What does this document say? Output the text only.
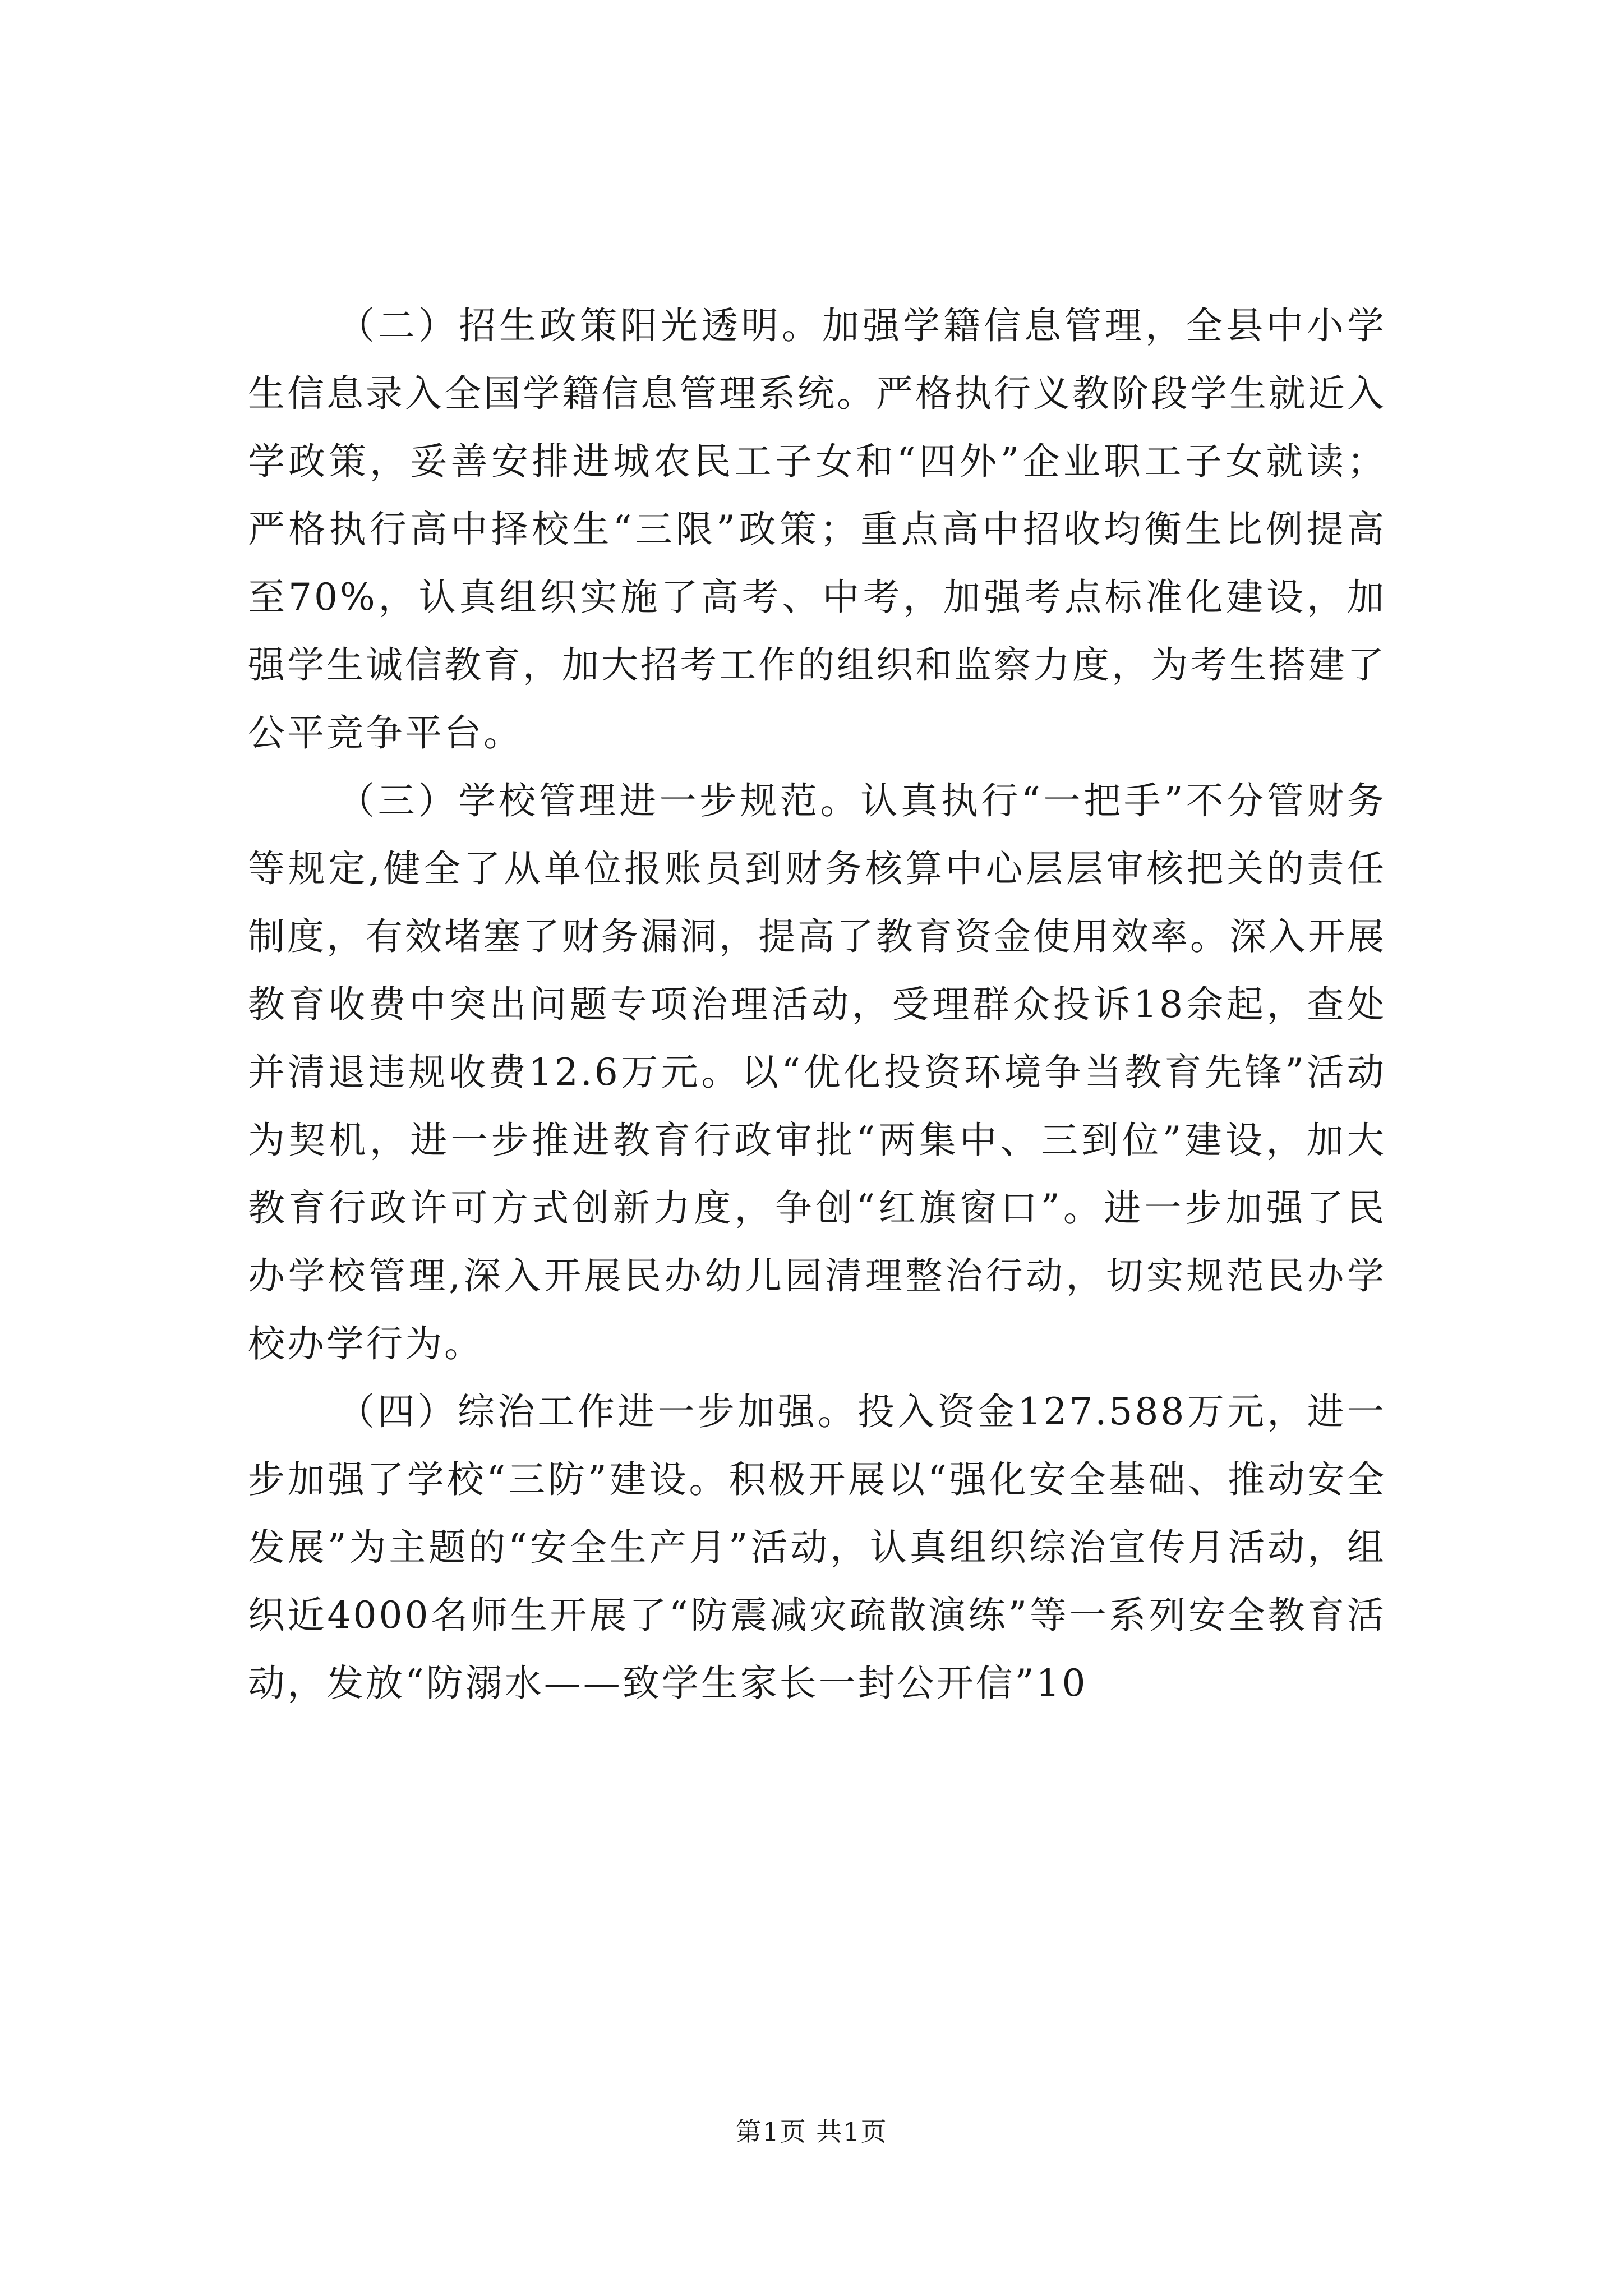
（二）招生政策阳光透明。加强学籍信息管理，全县中小学生信息录入全国学籍信息管理系统。严格执行义教阶段学生就近入学政策，妥善安排进城农民工子女和“四外”企业职工子女就读；严格执行高中择校生“三限”政策；重点高中招收均衡生比例提高至70%，认真组织实施了高考、中考，加强考点标准化建设，加强学生诚信教育，加大招考工作的组织和监察力度，为考生搭建了公平竞争平台。

（三）学校管理进一步规范。认真执行“一把手”不分管财务等规定,健全了从单位报账员到财务核算中心层层审核把关的责任制度，有效堵塞了财务漏洞，提高了教育资金使用效率。深入开展教育收费中突出问题专项治理活动，受理群众投诉18余起，查处并清退违规收费12.6万元。以“优化投资环境争当教育先锋”活动为契机，进一步推进教育行政审批“两集中、三到位”建设，加大教育行政许可方式创新力度，争创“红旗窗口”。进一步加强了民办学校管理,深入开展民办幼儿园清理整治行动，切实规范民办学校办学行为。

（四）综治工作进一步加强。投入资金127.588万元，进一步加强了学校“三防”建设。积极开展以“强化安全基础、推动安全发展”为主题的“安全生产月”活动，认真组织综治宣传月活动，组织近4000名师生开展了“防震减灾疏散演练”等一系列安全教育活动，发放“防溺水——致学生家长一封公开信”10

第1页 共1页
